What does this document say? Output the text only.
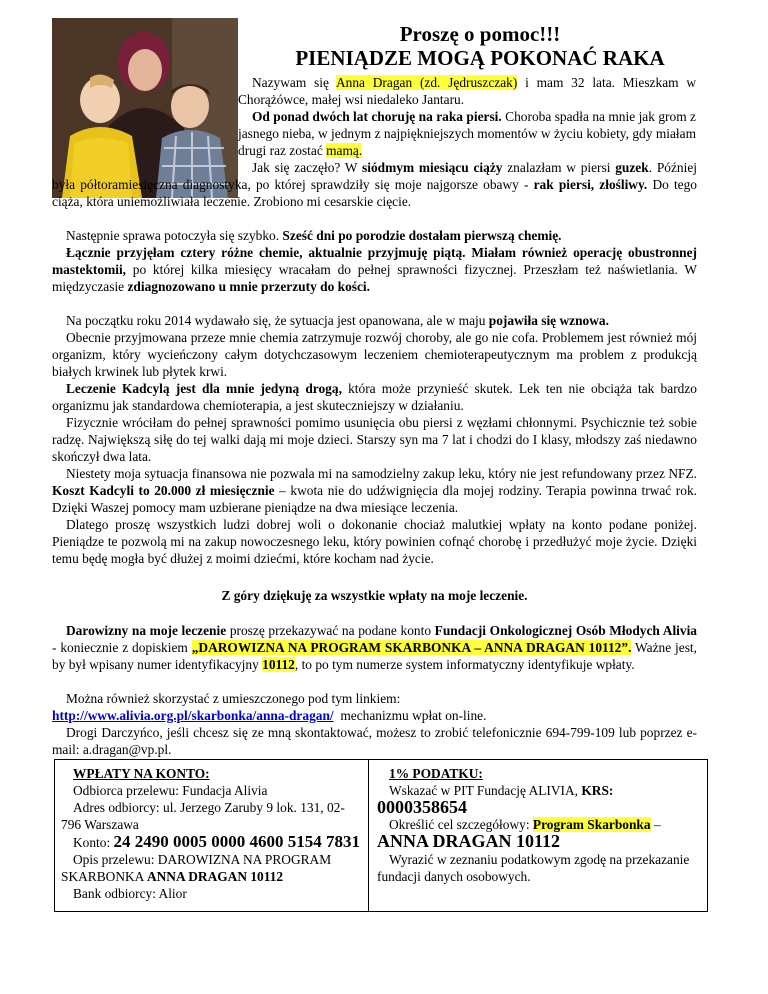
Proszę o pomoc!!!
PIENIĄDZE MOGĄ POKONAĆ RAKA
Nazywam się Anna Dragan (zd. Jędruszczak) i mam 32 lata. Mieszkam w Chorążówce, małej wsi niedaleko Jantaru.
Od ponad dwóch lat choruję na raka piersi. Choroba spadła na mnie jak grom z jasnego nieba, w jednym z najpiękniejszych momentów w życiu kobiety, gdy miałam drugi raz zostać mamą.
Jak się zaczęło? W siódmym miesiącu ciąży znalazłam w piersi guzek. Później była półtoramiesięczna diagnostyka, po której sprawdziły się moje najgorsze obawy - rak piersi, złośliwy. Do tego ciąża, która uniemożliwiała leczenie. Zrobiono mi cesarskie cięcie.
Następnie sprawa potoczyła się szybko. Sześć dni po porodzie dostałam pierwszą chemię.
Łącznie przyjęłam cztery różne chemie, aktualnie przyjmuję piątą. Miałam również operację obustronnej mastektomii, po której kilka miesięcy wracałam do pełnej sprawności fizycznej. Przeszłam też naświetlania. W międzyczasie zdiagnozowano u mnie przerzuty do kości.
Na początku roku 2014 wydawało się, że sytuacja jest opanowana, ale w maju pojawiła się wznowa.
Obecnie przyjmowana przeze mnie chemia zatrzymuje rozwój choroby, ale go nie cofa. Problemem jest również mój organizm, który wycieńczony całym dotychczasowym leczeniem chemioterapeutycznym ma problem z produkcją białych krwinek lub płytek krwi.
Leczenie Kadcylą jest dla mnie jedyną drogą, która może przynieść skutek. Lek ten nie obciąża tak bardzo organizmu jak standardowa chemioterapia, a jest skuteczniejszy w działaniu.
Fizycznie wróciłam do pełnej sprawności pomimo usunięcia obu piersi z węzłami chłonnymi. Psychicznie też sobie radzę. Największą siłę do tej walki dają mi moje dzieci. Starszy syn ma 7 lat i chodzi do I klasy, młodszy zaś niedawno skończył dwa lata.
Niestety moja sytuacja finansowa nie pozwala mi na samodzielny zakup leku, który nie jest refundowany przez NFZ. Koszt Kadcyli to 20.000 zł miesięcznie – kwota nie do udźwignięcia dla mojej rodziny. Terapia powinna trwać rok. Dzięki Waszej pomocy mam uzbierane pieniądze na dwa miesiące leczenia.
Dlatego proszę wszystkich ludzi dobrej woli o dokonanie chociaż malutkiej wpłaty na konto podane poniżej. Pieniądze te pozwolą mi na zakup nowoczesnego leku, który powinien cofnąć chorobę i przedłużyć moje życie. Dzięki temu będę mogła być dłużej z moimi dziećmi, które kocham nad życie.
Z góry dziękuję za wszystkie wpłaty na moje leczenie.
Darowizny na moje leczenie proszę przekazywać na podane konto Fundacji Onkologicznej Osób Młodych Alivia - koniecznie z dopiskiem „DAROWIZNA NA PROGRAM SKARBONKA – ANNA DRAGAN 10112”. Ważne jest, by był wpisany numer identyfikacyjny 10112, to po tym numerze system informatyczny identyfikuje wpłaty.
Można również skorzystać z umieszczonego pod tym linkiem:
http://www.alivia.org.pl/skarbonka/anna-dragan/  mechanizmu wpłat on-line.
Drogi Darczyńco, jeśli chcesz się ze mną skontaktować, możesz to zrobić telefonicznie 694-799-109 lub poprzez e-mail: a.dragan@vp.pl.
WPŁATY NA KONTO:
Odbiorca przelewu: Fundacja Alivia
Adres odbiorcy: ul. Jerzego Zaruby 9 lok. 131, 02-796 Warszawa
Konto: 24 2490 0005 0000 4600 5154 7831
Opis przelewu: DAROWIZNA NA PROGRAM SKARBONKA ANNA DRAGAN 10112
Bank odbiorcy: Alior
1% PODATKU:
Wskazać w PIT Fundację ALIVIA, KRS:
0000358654
Określić cel szczegółowy: Program Skarbonka – ANNA DRAGAN 10112
Wyrazić w zeznaniu podatkowym zgodę na przekazanie fundacji danych osobowych.
